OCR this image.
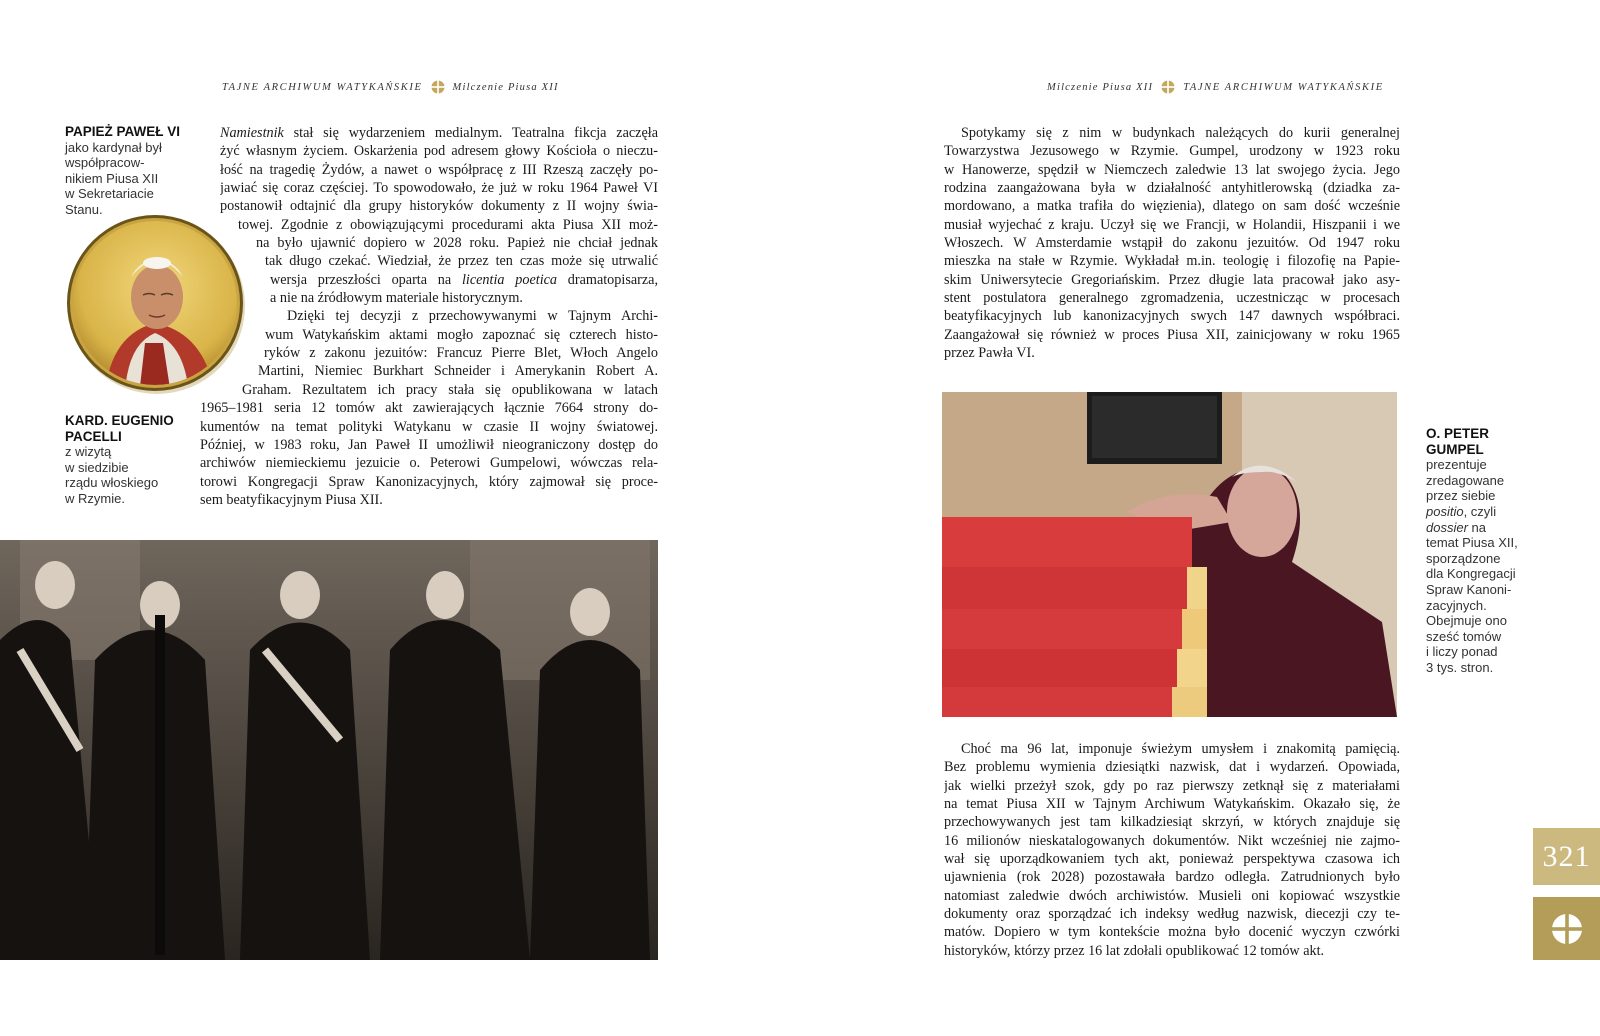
TAJNE ARCHIWUM WATYKAŃSKIE	Milczenie Piusa XII	Milczenie Piusa XII	TAJNE ARCHIWUM WATYKAŃSKIE
PAPIEŻ PAWEŁ VI
jako kardynał był
współpracow-
nikiem Piusa XII
w Sekretariacie
Stanu.
KARD. EUGENIO
PACELLI
z wizytą
w siedzibie
rządu włoskiego
w Rzymie.
Namiestnik stał się wydarzeniem medialnym. Teatralna fikcja zaczęła
żyć własnym życiem. Oskarżenia pod adresem głowy Kościoła o nieczu-
łość na tragedię Żydów, a nawet o współpracę z III Rzeszą zaczęły po-
jawiać się coraz częściej. To spowodowało, że już w roku 1964 Paweł VI
postanowił odtajnić dla grupy historyków dokumenty z II wojny świa-
towej. Zgodnie z obowiązującymi procedurami akta Piusa XII moż-
na było ujawnić dopiero w 2028 roku. Papież nie chciał jednak
tak długo czekać. Wiedział, że przez ten czas może się utrwalić
wersja przeszłości oparta na licentia poetica dramatopisarza,
a nie na źródłowym materiale historycznym.
Dzięki tej decyzji z przechowywanymi w Tajnym Archi-
wum Watykańskim aktami mogło zapoznać się czterech histo-
ryków z zakonu jezuitów: Francuz Pierre Blet, Włoch Angelo
Martini, Niemiec Burkhart Schneider i Amerykanin Robert A.
Graham. Rezultatem ich pracy stała się opublikowana w latach
1965–1981 seria 12 tomów akt zawierających łącznie 7664 strony do-
kumentów na temat polityki Watykanu w czasie II wojny światowej.
Później, w 1983 roku, Jan Paweł II umożliwił nieograniczony dostęp do
archiwów niemieckiemu jezuicie o. Peterowi Gumpelowi, wówczas rela-
torowi Kongregacji Spraw Kanonizacyjnych, który zajmował się proce-
sem beatyfikacyjnym Piusa XII.
Spotykamy się z nim w budynkach należących do kurii generalnej
Towarzystwa Jezusowego w Rzymie. Gumpel, urodzony w 1923 roku
w Hanowerze, spędził w Niemczech zaledwie 13 lat swojego życia. Jego
rodzina zaangażowana była w działalność antyhitlerowską (dziadka za-
mordowano, a matka trafiła do więzienia), dlatego on sam dość wcześnie
musiał wyjechać z kraju. Uczył się we Francji, w Holandii, Hiszpanii i we
Włoszech. W Amsterdamie wstąpił do zakonu jezuitów. Od 1947 roku
mieszka na stałe w Rzymie. Wykładał m.in. teologię i filozofię na Papie-
skim Uniwersytecie Gregoriańskim. Przez długie lata pracował jako asy-
stent postulatora generalnego zgromadzenia, uczestnicząc w procesach
beatyfikacyjnych lub kanonizacyjnych swych 147 dawnych współbraci.
Zaangażował się również w proces Piusa XII, zainicjowany w roku 1965
przez Pawła VI.
O. PETER
GUMPEL
prezentuje
zredagowane
przez siebie
positio, czyli
dossier na
temat Piusa XII,
sporządzone
dla Kongregacji
Spraw Kanoni-
zacyjnych.
Obejmuje ono
sześć tomów
i liczy ponad
3 tys. stron.
Choć ma 96 lat, imponuje świeżym umysłem i znakomitą pamięcią.
Bez problemu wymienia dziesiątki nazwisk, dat i wydarzeń. Opowiada,
jak wielki przeżył szok, gdy po raz pierwszy zetknął się z materiałami
na temat Piusa XII w Tajnym Archiwum Watykańskim. Okazało się, że
przechowywanych jest tam kilkadziesiąt skrzyń, w których znajduje się
16 milionów nieskatalogowanych dokumentów. Nikt wcześniej nie zajmo-
wał się uporządkowaniem tych akt, ponieważ perspektywa czasowa ich
ujawnienia (rok 2028) pozostawała bardzo odległa. Zatrudnionych było
natomiast zaledwie dwóch archiwistów. Musieli oni kopiować wszystkie
dokumenty oraz sporządzać ich indeksy według nazwisk, diecezji czy te-
matów. Dopiero w tym kontekście można było docenić wyczyn czwórki
historyków, którzy przez 16 lat zdołali opublikować 12 tomów akt.
321
